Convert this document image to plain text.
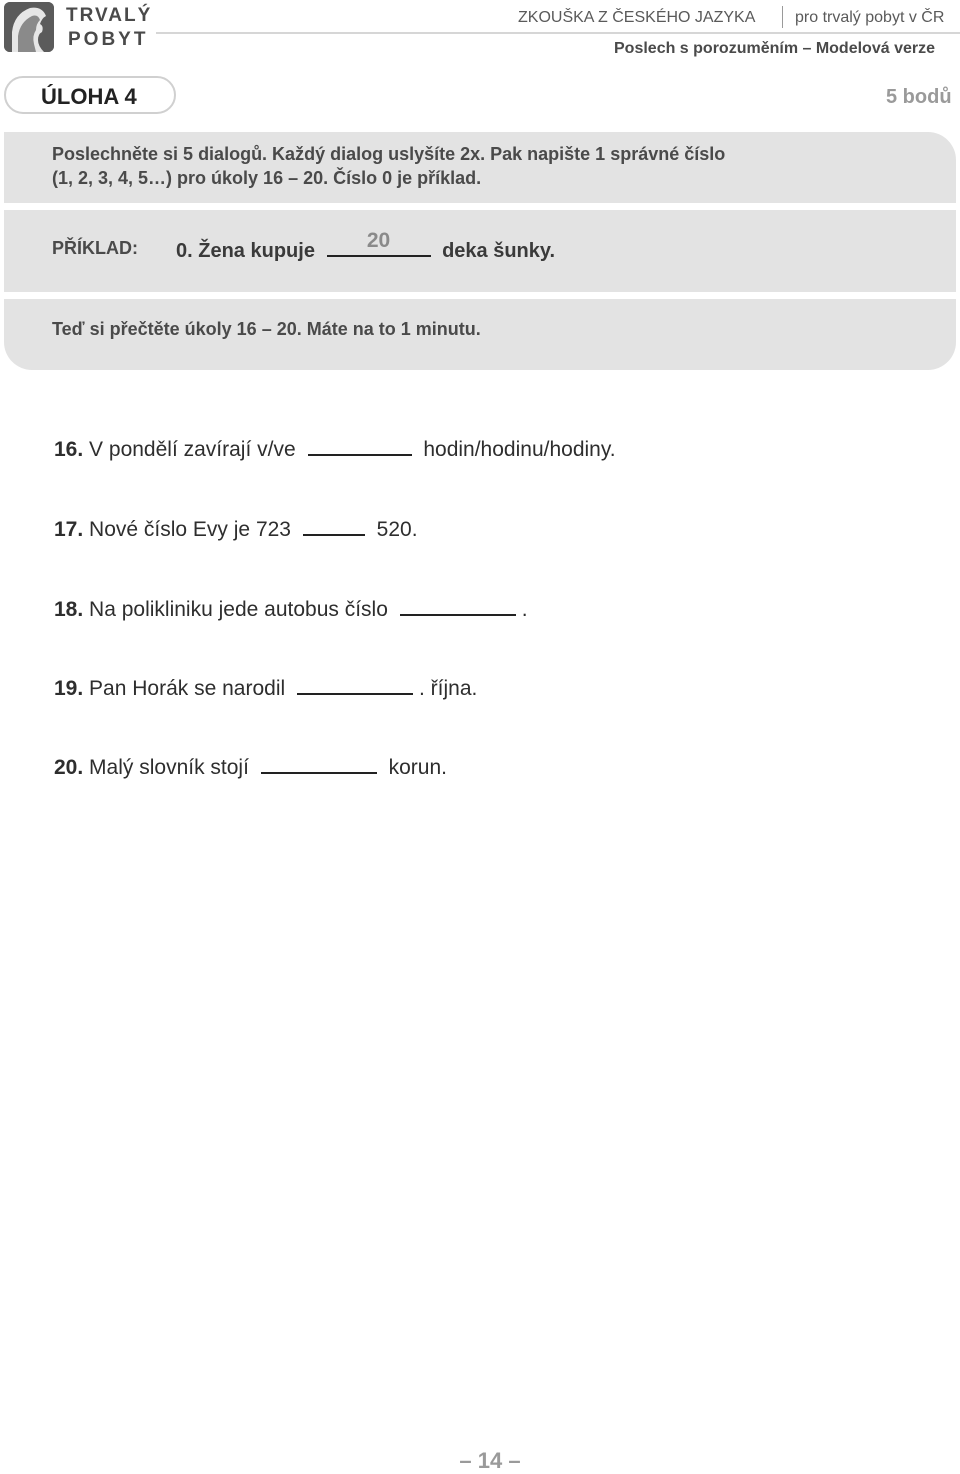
TRVALÝ
POBYT
ZKOUŠKA Z ČESKÉHO JAZYKA pro trvalý pobyt v ČR
Poslech s porozuměním – Modelová verze
ÚLOHA 4	5 bodů
Poslechněte si 5 dialogů. Každý dialog uslyšíte 2x. Pak napište 1 správné číslo
(1, 2, 3, 4, 5…) pro úkoly 16 – 20. Číslo 0 je příklad.
PŘÍKLAD: 0. Žena kupuje	20	deka šunky.
Teď si přečtěte úkoly 16 – 20. Máte na to 1 minutu.
16. V pondělí zavírají v/ve	hodin/hodinu/hodiny.
17. Nové číslo Evy je 723	520.
18. Na polikliniku jede autobus číslo	.
19. Pan Horák se narodil	. října.
20. Malý slovník stojí	korun.
– 14 –
